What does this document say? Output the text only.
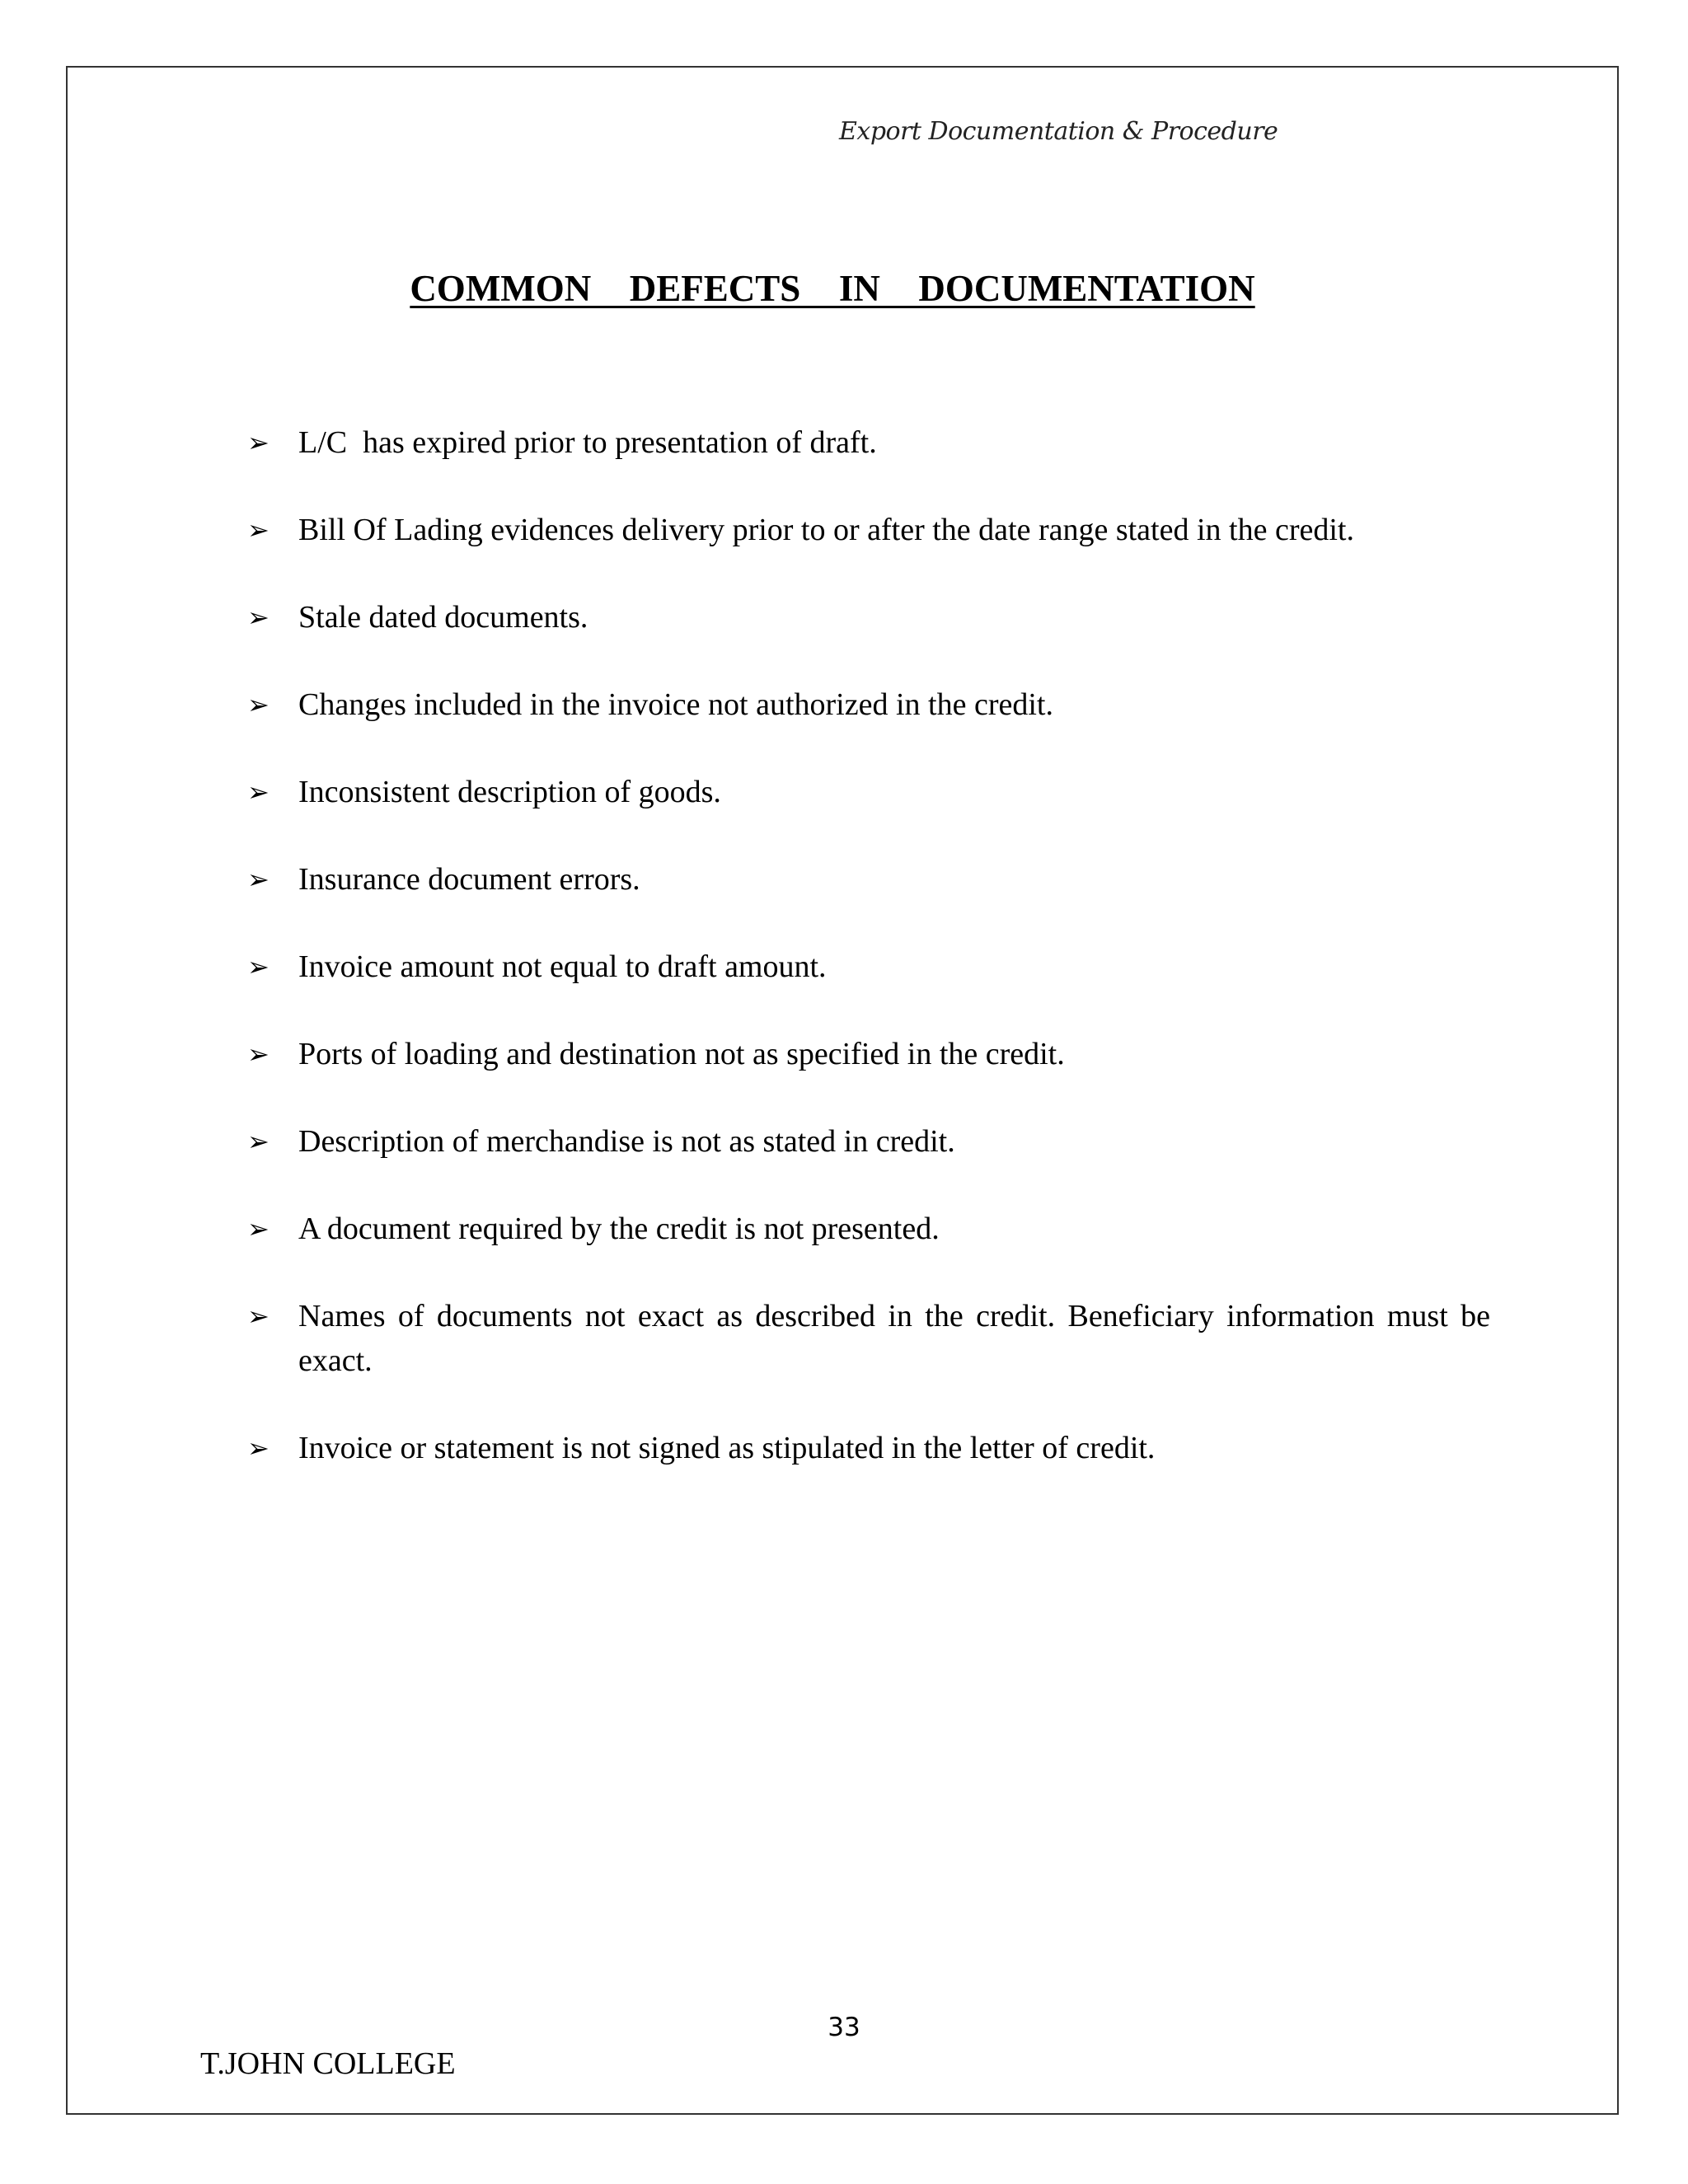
Export Documentation & Procedure
COMMON  DEFECTS  IN  DOCUMENTATION
➢ L/C  has expired prior to presentation of draft.
➢ Bill Of Lading evidences delivery prior to or after the date range stated in the credit.
➢ Stale dated documents.
➢ Changes included in the invoice not authorized in the credit.
➢ Inconsistent description of goods.
➢ Insurance document errors.
➢ Invoice amount not equal to draft amount.
➢ Ports of loading and destination not as specified in the credit.
➢ Description of merchandise is not as stated in credit.
➢ A document required by the credit is not presented.
➢ Names of documents not exact as described in the credit. Beneficiary information must be exact.
➢ Invoice or statement is not signed as stipulated in the letter of credit.
33
T.JOHN COLLEGE
